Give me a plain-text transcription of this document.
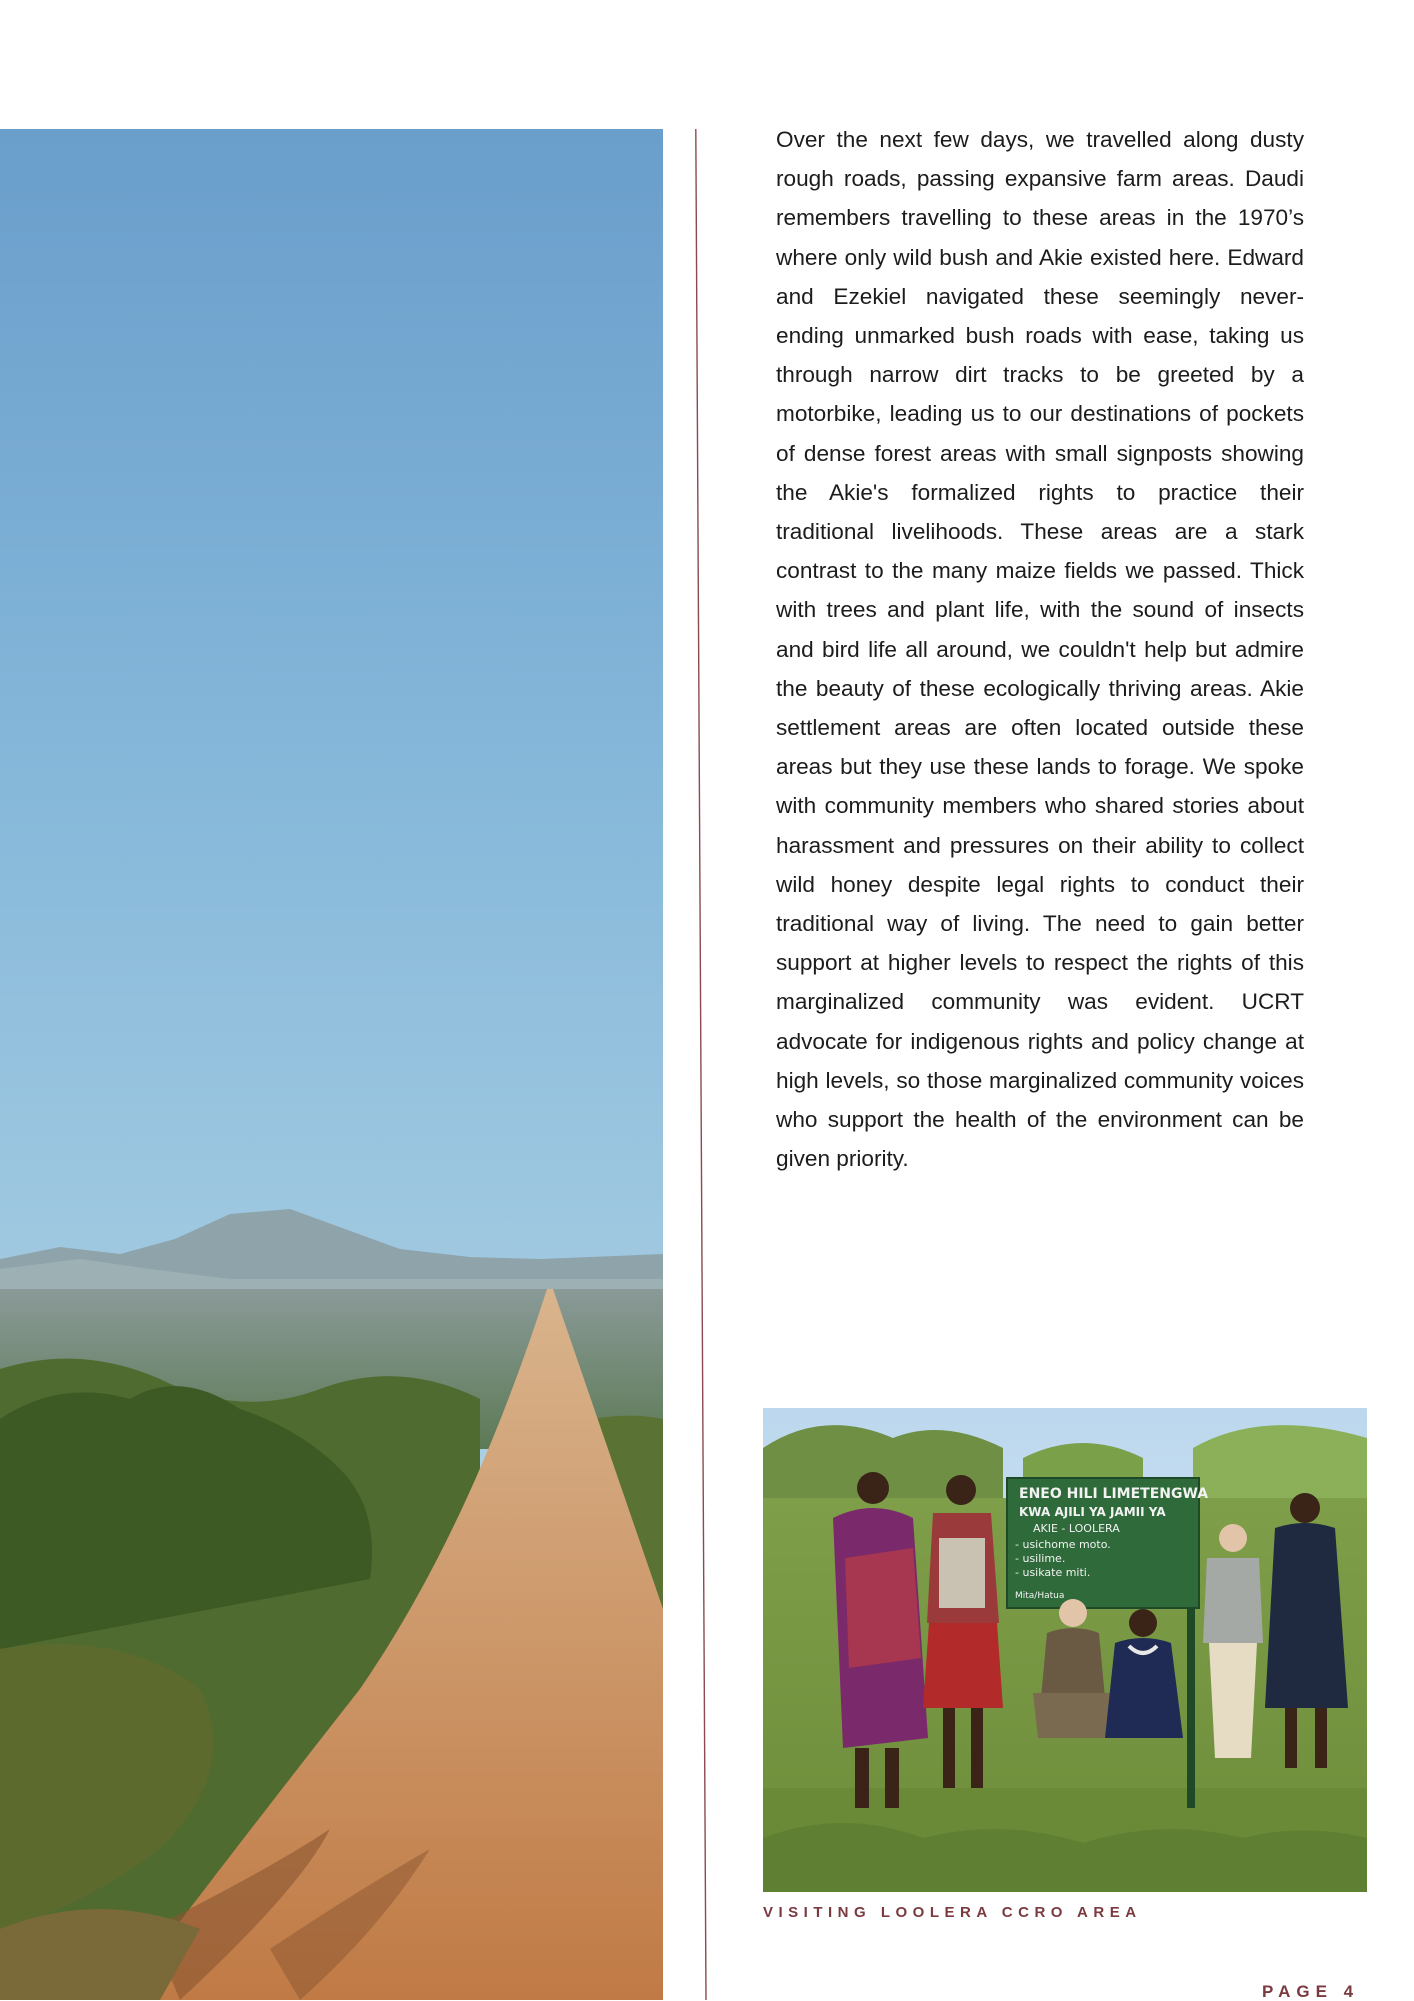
Over the next few days, we travelled along dusty rough roads, passing expansive farm areas. Daudi remembers travelling to these areas in the 1970’s where only wild bush and Akie existed here. Edward and Ezekiel navigated these seemingly never-ending unmarked bush roads with ease, taking us through narrow dirt tracks to be greeted by a motorbike, leading us to our destinations of pockets of dense forest areas with small signposts showing the Akie's formalized rights to practice their traditional livelihoods. These areas are a stark contrast to the many maize fields we passed. Thick with trees and plant life, with the sound of insects and bird life all around, we couldn't help but admire the beauty of these ecologically thriving areas. Akie settlement areas are often located outside these areas but they use these lands to forage. We spoke with community members who shared stories about harassment and pressures on their ability to collect wild honey despite legal rights to conduct their traditional way of living. The need to gain better support at higher levels to respect the rights of this marginalized community was evident. UCRT advocate for indigenous rights and policy change at high levels, so those marginalized community voices who support the health of the environment can be given priority.

ENEO HILI LIMETENGWA
KWA AJILI YA JAMII YA
AKIE - LOOLERA
- usichome moto.
- usilime.
- usikate miti.
Mita/Hatua
VISITING LOOLERA CCRO AREA
PAGE 4
